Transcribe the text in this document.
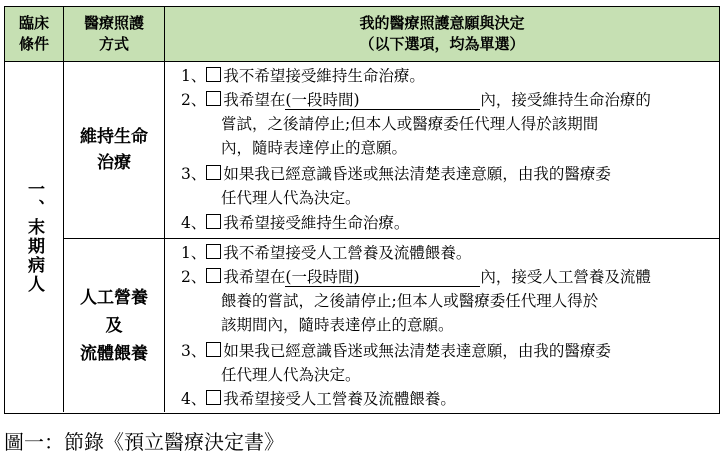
臨床
條件
醫療照護
方式
我的醫療照護意願與決定
（以下選項，均為單選）
一、末期病人
維持生命
治療
人工營養
及
流體餵養
1、 我不希望接受維持生命治療。
2、 我希望在(一段時間)	內，接受維持生命治療的
嘗試，之後請停止;但本人或醫療委任代理人得於該期間
內，隨時表達停止的意願。
3、 如果我已經意識昏迷或無法清楚表達意願，由我的醫療委
任代理人代為決定。
4、 我希望接受維持生命治療。
1、 我不希望接受人工營養及流體餵養。
2、 我希望在(一段時間)	內，接受人工營養及流體
餵養的嘗試，之後請停止;但本人或醫療委任代理人得於
該期間內，隨時表達停止的意願。
3、 如果我已經意識昏迷或無法清楚表達意願，由我的醫療委
任代理人代為決定。
4、 我希望接受人工營養及流體餵養。
圖一：節錄《預立醫療決定書》
